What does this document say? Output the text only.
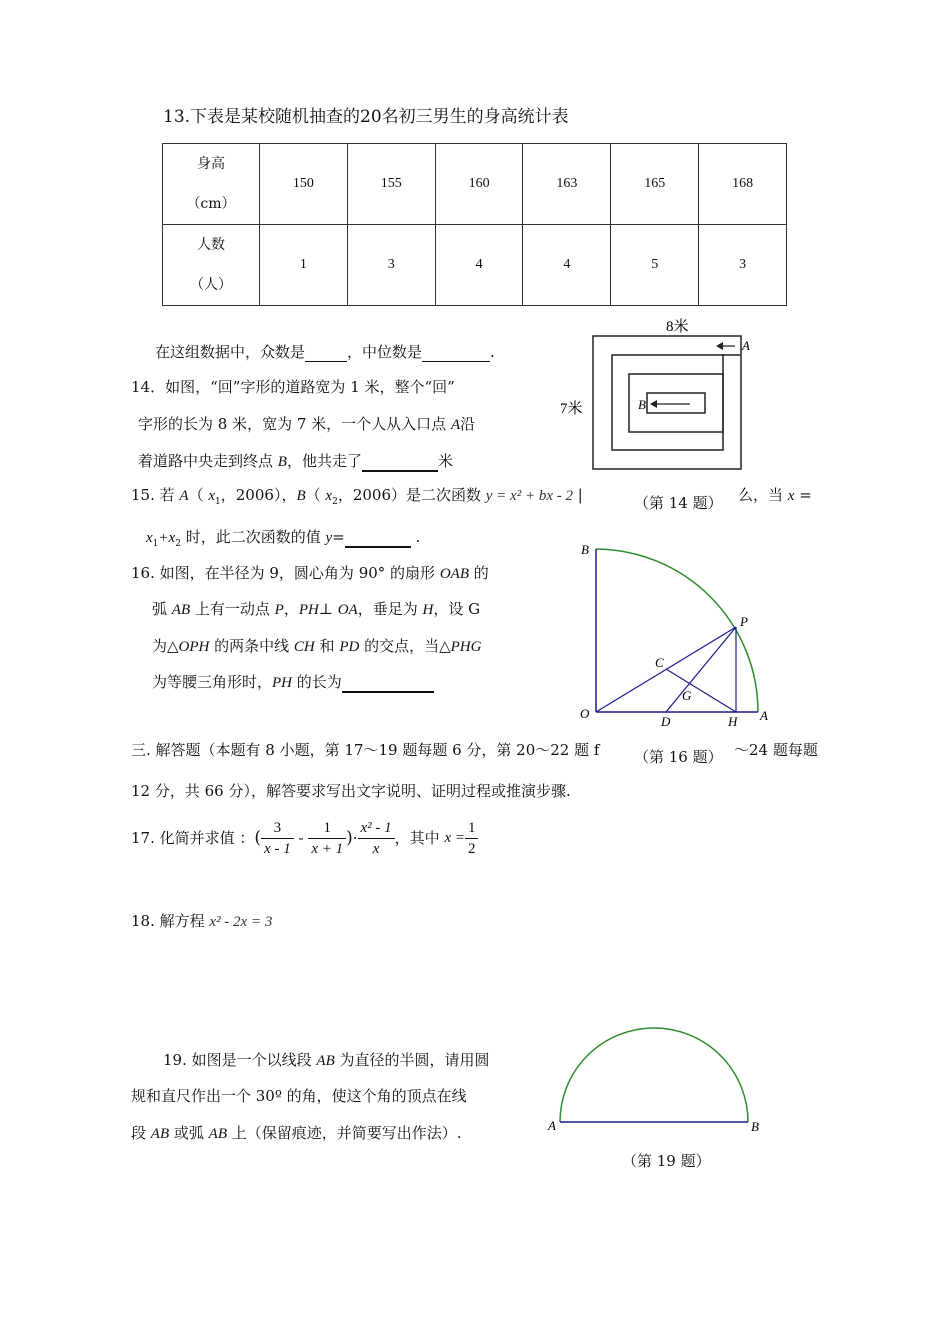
13.下表是某校随机抽查的20名初三男生的身高统计表
身高
（cm）	150	155	160	163	165	168

人数
（人）	1	3	4	4	5	3
在这组数据中，众数是	，中位数是	.
14．如图，“回”字形的道路宽为 1 米，整个“回”
字形的长为 8 米，宽为 7 米，一个人从入口点 A沿
着道路中央走到终点 B，他共走了	米
8米
7米
A
B
（第 14 题）
15. 若 A（ $x_1$，2006），B（ $x_2$，2006）是二次函数 y = x² + bx - 2 |	么，当 x =
$x_1+x_2$ 时，此二次函数的值 y=	.
16. 如图，在半径为 9，圆心角为 90° 的扇形 OAB 的
弧 AB 上有一动点 P，PH⊥ OA，垂足为 H，设 G
为△OPH 的两条中线 CH 和 PD 的交点，当△PHG
为等腰三角形时，PH 的长为
B
P
C
G
O
D	H A
（第 16 题）
三. 解答题（本题有 8 小题，第 17～19 题每题 6 分，第 20～22 题 f	～24 题每题
12 分，共 66 分），解答要求写出文字说明、证明过程或推演步骤.
17. 化简并求值 ：( $\frac{3}{x - 1} - \frac{1}{x + 1}$ )· $\frac{\text{x² - 1}}{x}$ ，其中 $x = \frac{1}{2}$
18. 解方程 x² - 2x = 3
19. 如图是一个以线段 AB 为直径的半圆，请用圆
规和直尺作出一个 30º 的角，使这个角的顶点在线
段 AB 或弧 AB 上（保留痕迹，并简要写出作法）.	A	B
（第 19 题）
